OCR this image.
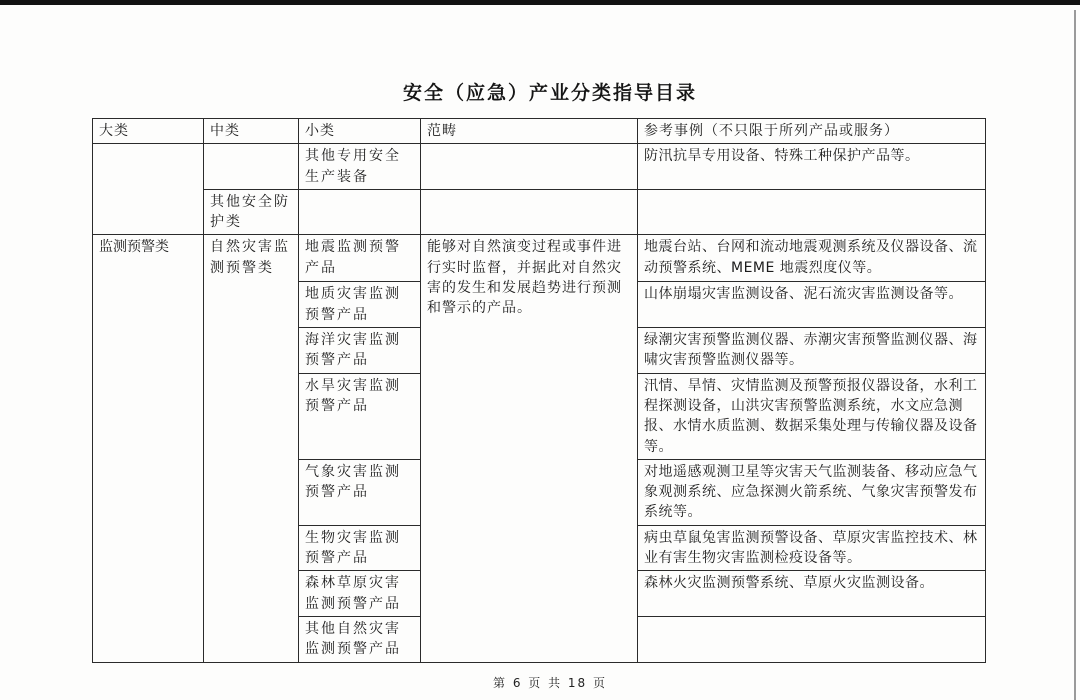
安全（应急）产业分类指导目录
大类	中类	小类	范畴	参考事例（不只限于所列产品或服务）
		其他专用安全生产装备		防汛抗旱专用设备、特殊工种保护产品等。
	其他安全防护类			
监测预警类	自然灾害监测预警类	地震监测预警产品	能够对自然演变过程或事件进行实时监督，并据此对自然灾害的发生和发展趋势进行预测和警示的产品。	地震台站、台网和流动地震观测系统及仪器设备、流动预警系统、MEME 地震烈度仪等。
		地质灾害监测预警产品		山体崩塌灾害监测设备、泥石流灾害监测设备等。
		海洋灾害监测预警产品		绿潮灾害预警监测仪器、赤潮灾害预警监测仪器、海啸灾害预警监测仪器等。
		水旱灾害监测预警产品		汛情、旱情、灾情监测及预警预报仪器设备，水利工程探测设备，山洪灾害预警监测系统，水文应急测报、水情水质监测、数据采集处理与传输仪器及设备等。
		气象灾害监测预警产品		对地遥感观测卫星等灾害天气监测装备、移动应急气象观测系统、应急探测火箭系统、气象灾害预警发布系统等。
		生物灾害监测预警产品		病虫草鼠兔害监测预警设备、草原灾害监控技术、林业有害生物灾害监测检疫设备等。
		森林草原灾害监测预警产品		森林火灾监测预警系统、草原火灾监测设备。
		其他自然灾害监测预警产品		
第 6 页 共 18 页
